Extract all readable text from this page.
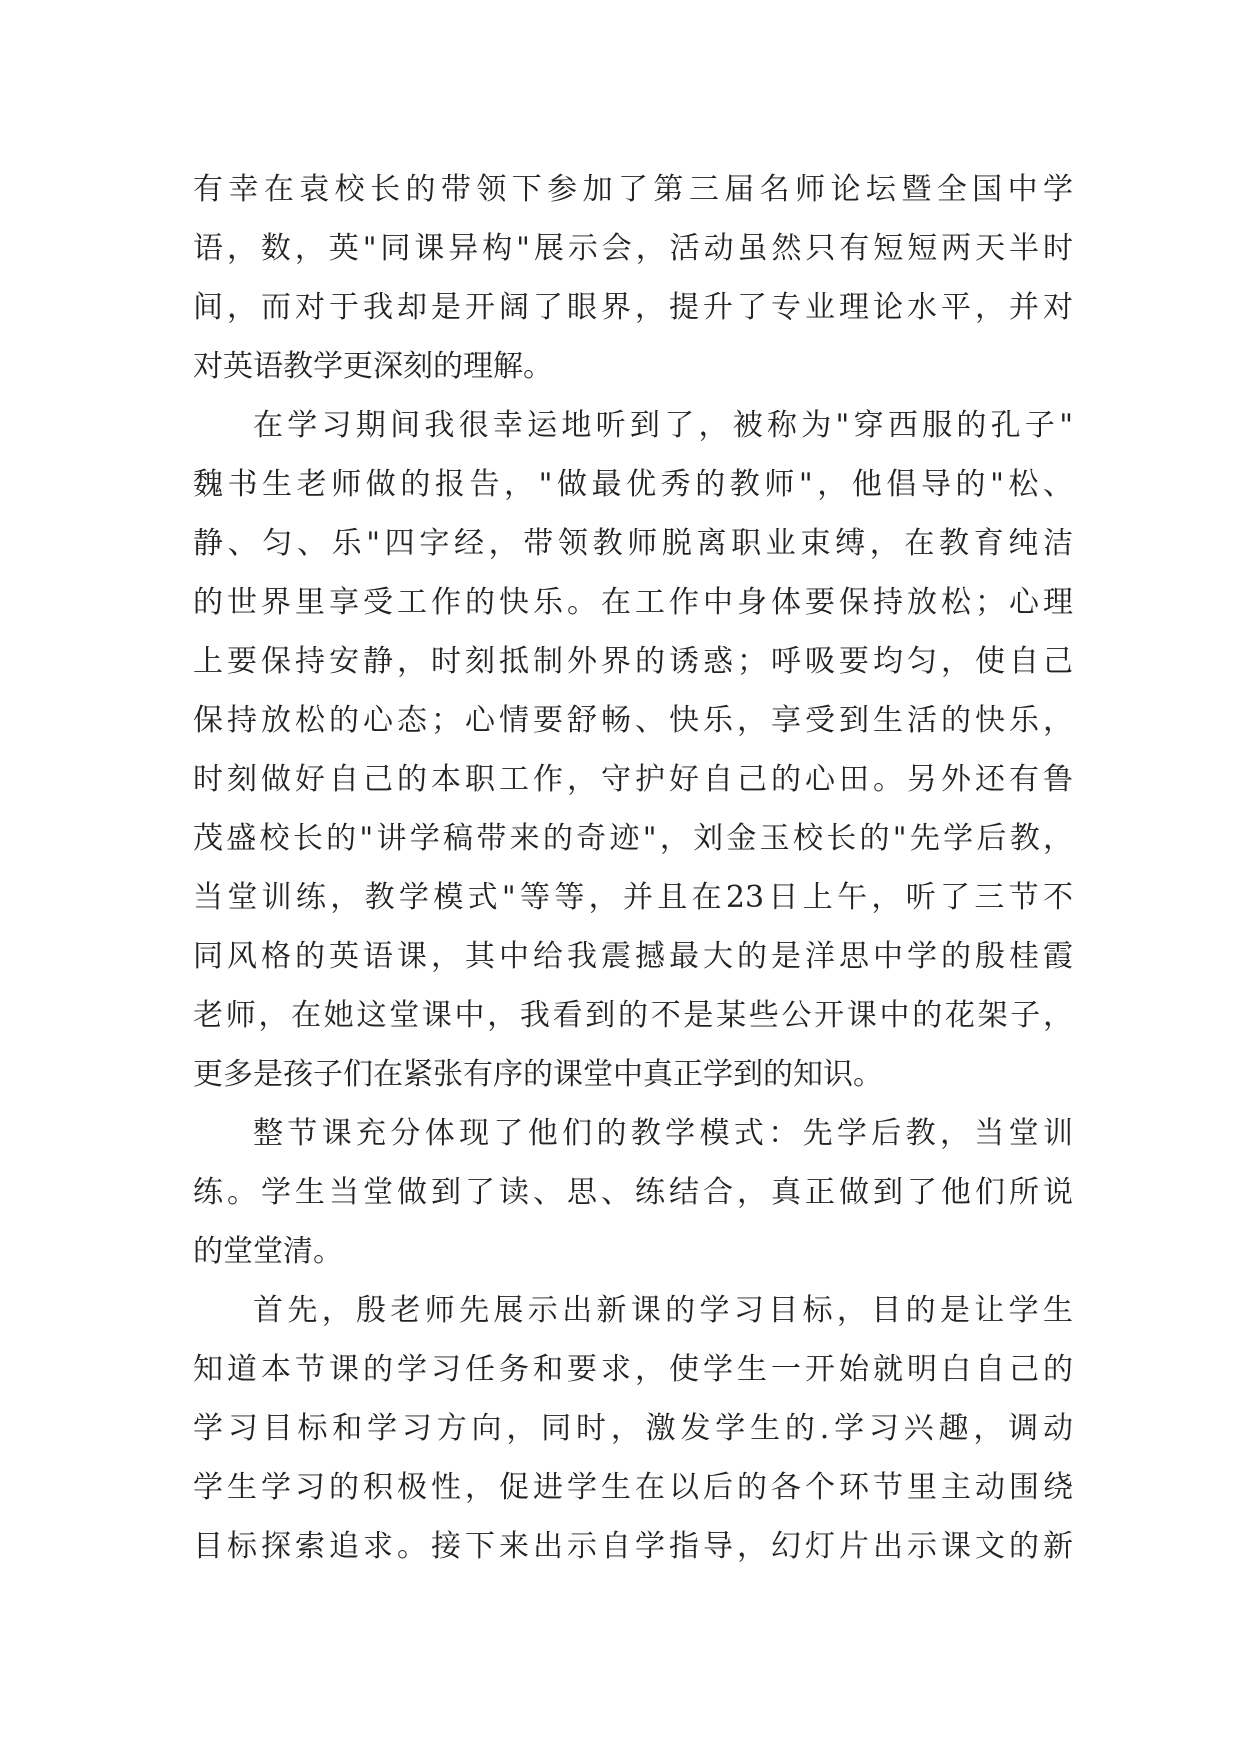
有幸在袁校长的带领下参加了第三届名师论坛暨全国中学

语，数，英"同课异构"展示会，活动虽然只有短短两天半时

间，而对于我却是开阔了眼界，提升了专业理论水平，并对

对英语教学更深刻的理解。

在学习期间我很幸运地听到了，被称为"穿西服的孔子"

魏书生老师做的报告，"做最优秀的教师"，他倡导的"松、

静、匀、乐"四字经，带领教师脱离职业束缚，在教育纯洁

的世界里享受工作的快乐。在工作中身体要保持放松；心理

上要保持安静，时刻抵制外界的诱惑；呼吸要均匀，使自己

保持放松的心态；心情要舒畅、快乐，享受到生活的快乐，

时刻做好自己的本职工作，守护好自己的心田。另外还有鲁

茂盛校长的"讲学稿带来的奇迹"，刘金玉校长的"先学后教，

当堂训练，教学模式"等等，并且在23日上午，听了三节不

同风格的英语课，其中给我震撼最大的是洋思中学的殷桂霞

老师，在她这堂课中，我看到的不是某些公开课中的花架子，

更多是孩子们在紧张有序的课堂中真正学到的知识。

整节课充分体现了他们的教学模式：先学后教，当堂训

练。学生当堂做到了读、思、练结合，真正做到了他们所说

的堂堂清。

首先，殷老师先展示出新课的学习目标，目的是让学生

知道本节课的学习任务和要求，使学生一开始就明白自己的

学习目标和学习方向，同时，激发学生的.学习兴趣，调动

学生学习的积极性，促进学生在以后的各个环节里主动围绕

目标探索追求。接下来出示自学指导，幻灯片出示课文的新
